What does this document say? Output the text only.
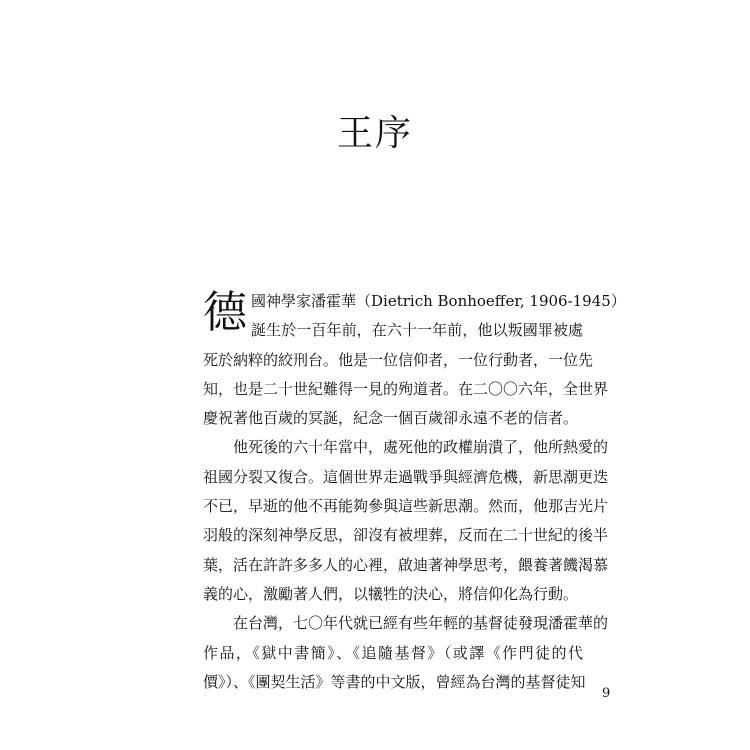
王序
德 國神學家潘霍華（Dietrich Bonhoeffer, 1906-1945）
誕生於一百年前，在六十一年前，他以叛國罪被處
死於納粹的絞刑台。他是一位信仰者，一位行動者，一位先
知，也是二十世紀難得一見的殉道者。在二〇〇六年，全世界
慶祝著他百歲的冥誕，紀念一個百歲卻永遠不老的信者。
他死後的六十年當中，處死他的政權崩潰了，他所熱愛的
祖國分裂又復合。這個世界走過戰爭與經濟危機，新思潮更迭
不已，早逝的他不再能夠參與這些新思潮。然而，他那吉光片
羽般的深刻神學反思，卻沒有被埋葬，反而在二十世紀的後半
葉，活在許許多多人的心裡，啟迪著神學思考，餵養著饑渴慕
義的心，激勵著人們，以犧牲的決心，將信仰化為行動。
在台灣，七〇年代就已經有些年輕的基督徒發現潘霍華的
作品，《獄中書簡》、《追隨基督》（或譯《作門徒的代
價》）、《團契生活》等書的中文版，曾經為台灣的基督徒知
9
